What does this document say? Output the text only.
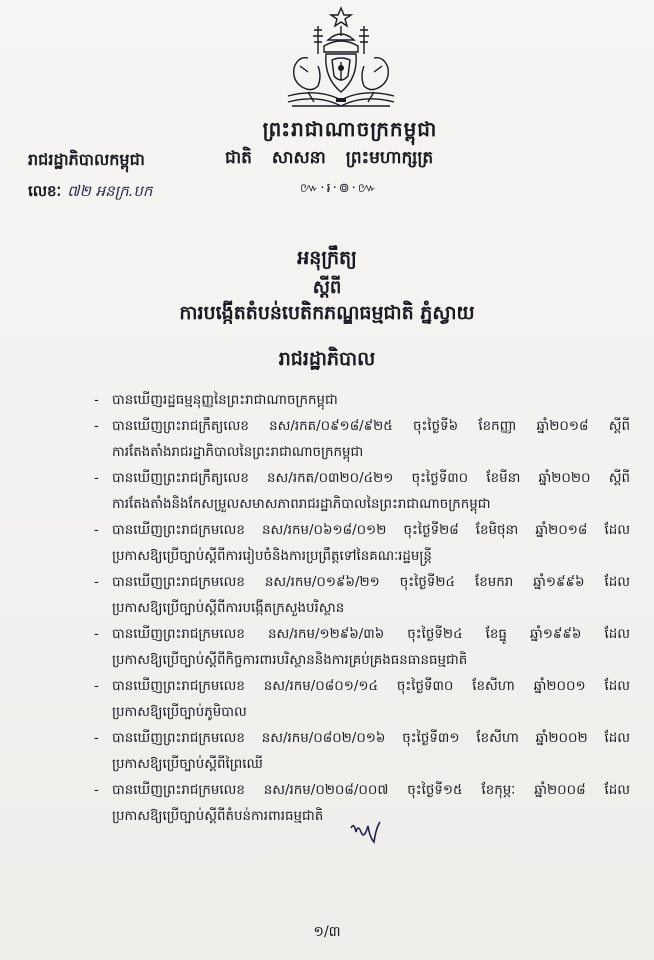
ព្រះរាជាណាចក្រកម្ពុជា
រាជរដ្ឋាភិបាលកម្ពុជា	ជាតិ សាសនា ព្រះមហាក្សត្រ
៚·៛·៙·៚
លេខៈ ៧២ អនក្រ.បក
អនុក្រឹត្យ
ស្តីពី
ការបង្កើតតំបន់បេតិកភណ្ឌធម្មជាតិ ភ្នំស្វាយ
រាជរដ្ឋាភិបាល
- បានឃើញរដ្ឋធម្មនុញ្ញនៃព្រះរាជាណាចក្រកម្ពុជា
- បានឃើញព្រះរាជក្រឹត្យលេខ នស/រកត/០៩១៨/៩២៥ ចុះថ្ងៃទី៦ ខែកញ្ញា ឆ្នាំ២០១៨ ស្តីពី
ការតែងតាំងរាជរដ្ឋាភិបាលនៃព្រះរាជាណាចក្រកម្ពុជា
- បានឃើញព្រះរាជក្រឹត្យលេខ នស/រកត/០៣២០/៤២១ ចុះថ្ងៃទី៣០ ខែមីនា ឆ្នាំ២០២០ ស្តីពី
ការតែងតាំងនិងកែសម្រួលសមាសភាពរាជរដ្ឋាភិបាលនៃព្រះរាជាណាចក្រកម្ពុជា
- បានឃើញព្រះរាជក្រមលេខ នស/រកម/០៦១៨/០១២ ចុះថ្ងៃទី២៨ ខែមិថុនា ឆ្នាំ២០១៨ ដែល
ប្រកាសឱ្យប្រើច្បាប់ស្តីពីការរៀបចំនិងការប្រព្រឹត្តទៅនៃគណៈរដ្ឋមន្ត្រី
- បានឃើញព្រះរាជក្រមលេខ នស/រកម/០១៩៦/២១ ចុះថ្ងៃទី២៤ ខែមករា ឆ្នាំ១៩៩៦ ដែល
ប្រកាសឱ្យប្រើច្បាប់ស្តីពីការបង្កើតក្រសួងបរិស្ថាន
- បានឃើញព្រះរាជក្រមលេខ នស/រកម/១២៩៦/៣៦ ចុះថ្ងៃទី២៤ ខែធ្នូ ឆ្នាំ១៩៩៦ ដែល
ប្រកាសឱ្យប្រើច្បាប់ស្តីពីកិច្ចការពារបរិស្ថាននិងការគ្រប់គ្រងធនធានធម្មជាតិ
- បានឃើញព្រះរាជក្រមលេខ នស/រកម/០៨០១/១៤ ចុះថ្ងៃទី៣០ ខែសីហា ឆ្នាំ២០០១ ដែល
ប្រកាសឱ្យប្រើច្បាប់ភូមិបាល
- បានឃើញព្រះរាជក្រមលេខ នស/រកម/០៨០២/០១៦ ចុះថ្ងៃទី៣១ ខែសីហា ឆ្នាំ២០០២ ដែល
ប្រកាសឱ្យប្រើច្បាប់ស្តីពីព្រៃឈើ
- បានឃើញព្រះរាជក្រមលេខ នស/រកម/០២០៨/០០៧ ចុះថ្ងៃទី១៥ ខែកុម្ភៈ ឆ្នាំ២០០៨ ដែល
ប្រកាសឱ្យប្រើច្បាប់ស្តីពីតំបន់ការពារធម្មជាតិ
១/៣
